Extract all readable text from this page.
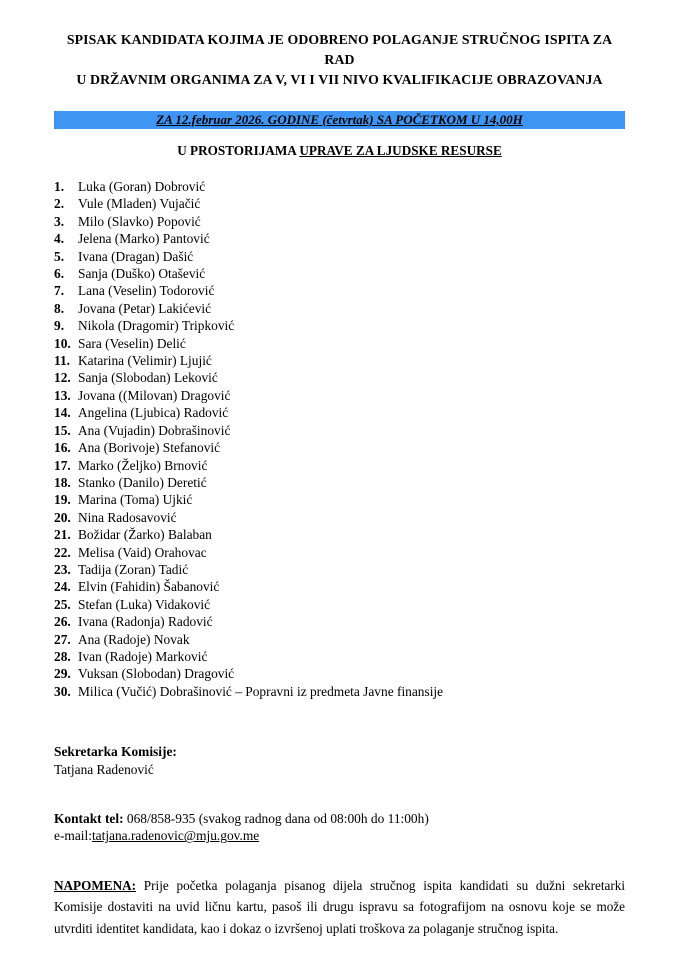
SPISAK KANDIDATA KOJIMA JE ODOBRENO POLAGANJE STRUČNOG ISPITA ZA RAD
U DRŽAVNIM ORGANIMA ZA V, VI I VII NIVO KVALIFIKACIJE OBRAZOVANJA
ZA 12.februar 2026. GODINE (četvrtak) SA POČETKOM U 14,00H
U PROSTORIJAMA UPRAVE ZA LJUDSKE RESURSE
1. Luka (Goran) Dobrović
2. Vule (Mladen) Vujačić
3. Milo (Slavko) Popović
4. Jelena (Marko) Pantović
5. Ivana (Dragan) Dašić
6. Sanja (Duško) Otašević
7. Lana (Veselin) Todorović
8. Jovana (Petar) Lakićević
9. Nikola (Dragomir) Tripković
10. Sara (Veselin) Delić
11. Katarina (Velimir) Ljujić
12. Sanja (Slobodan) Leković
13. Jovana ((Milovan) Dragović
14. Angelina (Ljubica) Radović
15. Ana (Vujadin) Dobrašinović
16. Ana (Borivoje) Stefanović
17. Marko (Željko) Brnović
18. Stanko (Danilo) Deretić
19. Marina (Toma) Ujkić
20. Nina Radosavović
21. Božidar (Žarko) Balaban
22. Melisa (Vaid) Orahovac
23. Tadija (Zoran) Tadić
24. Elvin (Fahidin) Šabanović
25. Stefan (Luka) Vidaković
26. Ivana (Radonja) Radović
27. Ana (Radoje) Novak
28. Ivan (Radoje) Marković
29. Vuksan (Slobodan) Dragović
30. Milica (Vučić) Dobrašinović – Popravni iz predmeta Javne finansije
Sekretarka Komisije:
Tatjana Radenović
Kontakt tel: 068/858-935 (svakog radnog dana od 08:00h do 11:00h)
e-mail:tatjana.radenovic@mju.gov.me
NAPOMENA: Prije početka polaganja pisanog dijela stručnog ispita kandidati su dužni sekretarki Komisije dostaviti na uvid ličnu kartu, pasoš ili drugu ispravu sa fotografijom na osnovu koje se može utvrditi identitet kandidata, kao i dokaz o izvršenoj uplati troškova za polaganje stručnog ispita.
